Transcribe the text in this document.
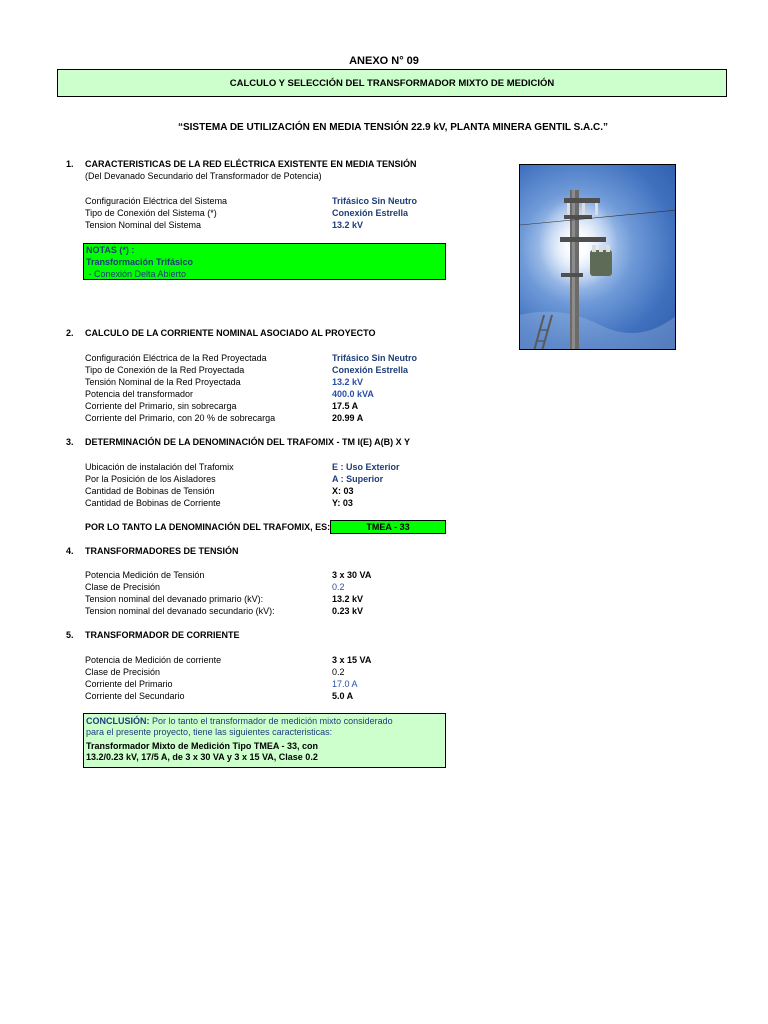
ANEXO N° 09
CALCULO Y SELECCIÓN DEL TRANSFORMADOR MIXTO DE MEDICIÓN
“SISTEMA DE UTILIZACIÓN EN MEDIA TENSIÓN 22.9 kV, PLANTA MINERA GENTIL S.A.C.”
1.	CARACTERISTICAS DE LA RED ELÉCTRICA EXISTENTE EN MEDIA TENSIÓN
(Del Devanado Secundario del Transformador de Potencia)
Configuración Eléctrica del Sistema	Trifásico Sin Neutro
Tipo de Conexión del Sistema (*)	Conexión Estrella
Tension Nominal del Sistema	13.2 kV
NOTAS (*) :
Transformación Trifásico
- Conexión Delta Abierto
2.	CALCULO DE LA CORRIENTE NOMINAL ASOCIADO AL PROYECTO
Configuración Eléctrica de la Red Proyectada	Trifásico Sin Neutro
Tipo de Conexión de la Red Proyectada	Conexión Estrella
Tensión Nominal de la Red Proyectada	13.2 kV
Potencia del transformador	400.0 kVA
Corriente del Primario, sin sobrecarga	17.5 A
Corriente del Primario, con 20 % de sobrecarga	20.99 A
3.	DETERMINACIÓN DE LA DENOMINACIÓN DEL TRAFOMIX - TM I(E) A(B) X Y
Ubicación de instalación del Trafomix	E : Uso Exterior
Por la Posición de los Aisladores	A : Superior
Cantidad de Bobinas de Tensión	X: 03
Cantidad de Bobinas de Corriente	Y: 03
POR LO TANTO LA DENOMINACIÓN DEL TRAFOMIX, ES:	TMEA - 33
4.	TRANSFORMADORES DE TENSIÓN
Potencia Medición de Tensión	3 x 30 VA
Clase de Precisión	0.2
Tension nominal del devanado primario (kV):	13.2 kV
Tension nominal del devanado secundario (kV):	0.23 kV
5.	TRANSFORMADOR DE CORRIENTE
Potencia de Medición de corriente	3 x 15 VA
Clase de Precisión	0.2
Corriente del Primario	17.0 A
Corriente del Secundario	5.0 A
CONCLUSIÓN: Por lo tanto el transformador de medición mixto considerado
para el presente proyecto, tiene las siguientes caracteristicas:
Transformador Mixto de Medición Tipo TMEA - 33, con
13.2/0.23 kV, 17/5 A, de 3 x 30 VA y 3 x 15 VA, Clase 0.2
